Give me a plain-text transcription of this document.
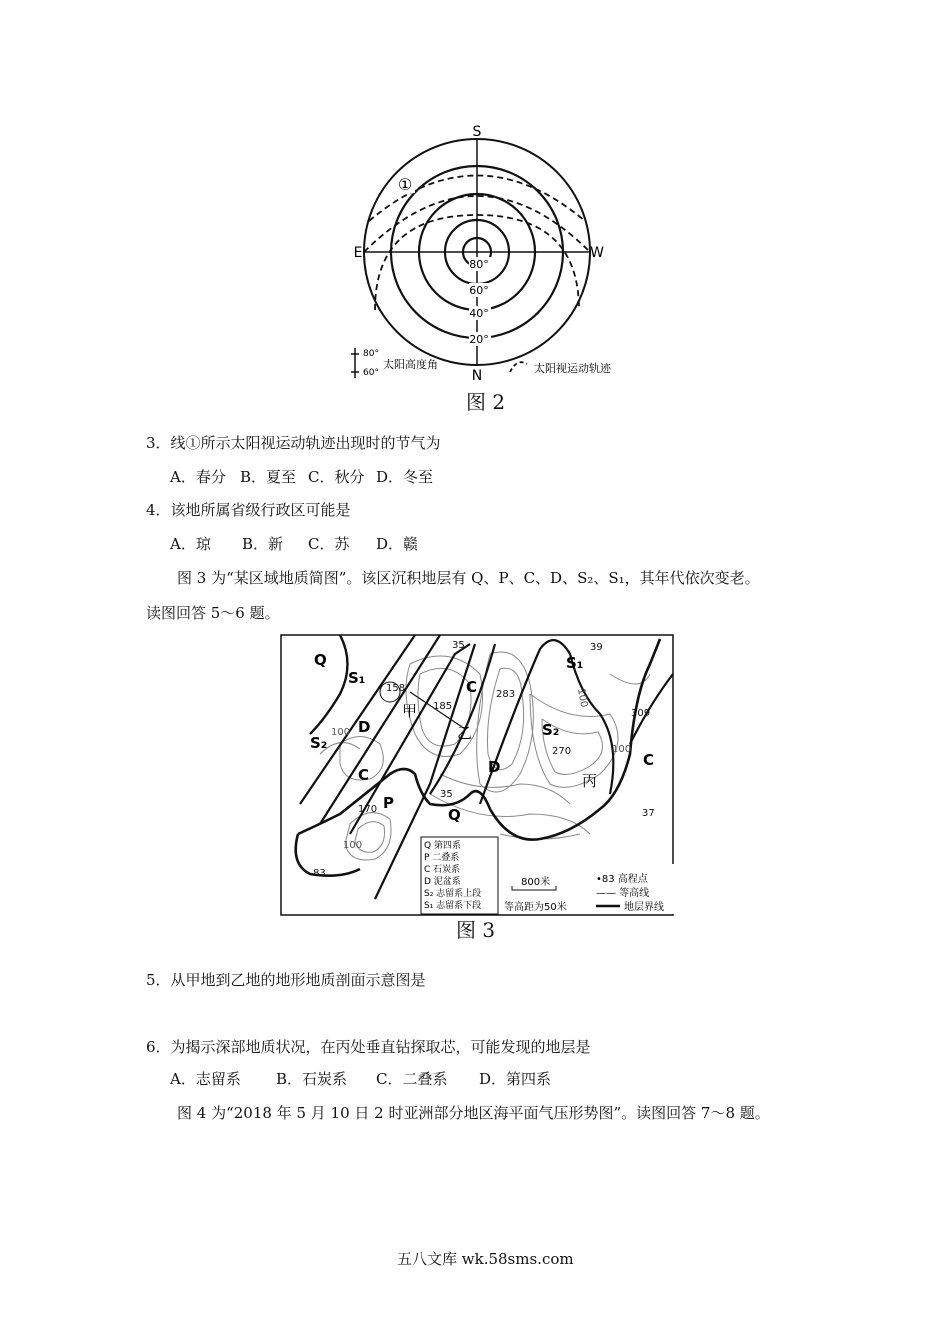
S
N
E	W
80°
60°
40°
20°
①
80°
60°
太阳高度角	太阳视运动轨迹
图 2
3．线①所示太阳视运动轨迹出现时的节气为
A．春分 B．夏至 C．秋分 D．冬至
4．该地所属省级行政区可能是
A．琼 B．新 C．苏 D．赣
图 3 为“某区域地质简图”。该区沉积地层有 Q、P、C、D、S₂、S₁，其年代依次变老。
读图回答 5～6 题。
Q
S₁
D
S₂
C
P
Q
C
D
S₂
S₁
C
35
158
185
283
39
309
270
170
35
83
37
100
100
100
100
甲
乙
丙
Q 第四系
P 二叠系
C 石炭系
D 泥盆系
S₂ 志留系上段
S₁ 志留系下段
800米
等高距为50米
•83 高程点
—— 等高线
地层界线
图 3
5．从甲地到乙地的地形地质剖面示意图是
6．为揭示深部地质状况，在丙处垂直钻探取芯，可能发现的地层是
A．志留系 B．石炭系 C．二叠系 D．第四系
图 4 为“2018 年 5 月 10 日 2 时亚洲部分地区海平面气压形势图”。读图回答 7～8 题。
五八文库 wk.58sms.com
